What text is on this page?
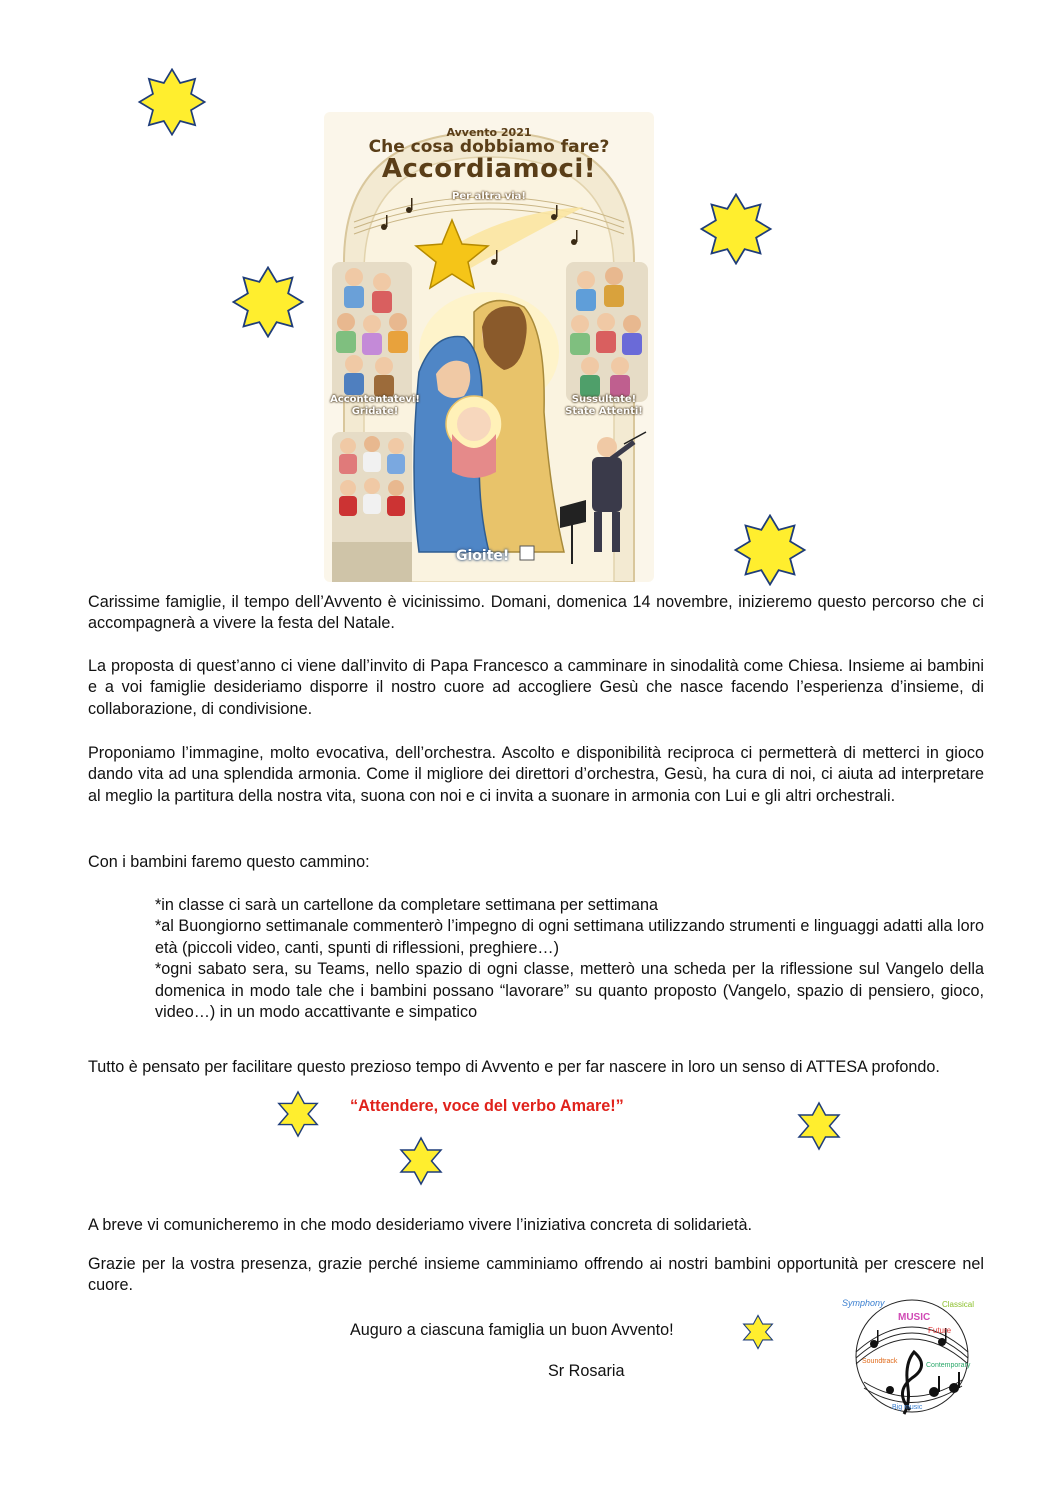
Avvento 2021
Che cosa dobbiamo fare?
Accordiamoci!
Per altra via!
Accontentatevi!
Gridate!
Sussultate!
State Attenti!
Gioite!

Carissime famiglie, il tempo dell’Avvento è vicinissimo. Domani, domenica 14 novembre, inizieremo questo percorso che ci accompagnerà a vivere la festa del Natale.

La proposta di quest’anno ci viene dall’invito di Papa Francesco a camminare in sinodalità come Chiesa. Insieme ai bambini e a voi famiglie desideriamo disporre il nostro cuore ad accogliere Gesù che nasce facendo l’esperienza d’insieme, di collaborazione, di condivisione.

Proponiamo l’immagine, molto evocativa, dell’orchestra. Ascolto e disponibilità reciproca ci permetterà di metterci in gioco dando vita ad una splendida armonia. Come il migliore dei direttori d’orchestra, Gesù, ha cura di noi, ci aiuta ad interpretare al meglio la partitura della nostra vita, suona con noi e ci invita a suonare in armonia con Lui e gli altri orchestrali.

Con i bambini faremo questo cammino:

*in classe ci sarà un cartellone da completare settimana per settimana

*al Buongiorno settimanale commenterò l’impegno di ogni settimana utilizzando strumenti e linguaggi adatti alla loro età (piccoli video, canti, spunti di riflessioni, preghiere…)

*ogni sabato sera, su Teams, nello spazio di ogni classe, metterò una scheda per la riflessione sul Vangelo della domenica in modo tale che i bambini possano “lavorare” su quanto proposto (Vangelo, spazio di pensiero, gioco, video…) in un modo accattivante e simpatico

Tutto è pensato per facilitare questo prezioso tempo di Avvento e per far nascere in loro un senso di ATTESA profondo.

“Attendere, voce del verbo Amare!”

A breve vi comunicheremo in che modo desideriamo vivere l’iniziativa concreta di solidarietà.

Grazie per la vostra presenza, grazie perché insieme camminiamo offrendo ai nostri bambini opportunità per crescere nel cuore.

Auguro a ciascuna famiglia un buon Avvento!
Sr Rosaria
Symphony
MUSIC
Classical
Future
Soundtrack
Contemporary
Big music
